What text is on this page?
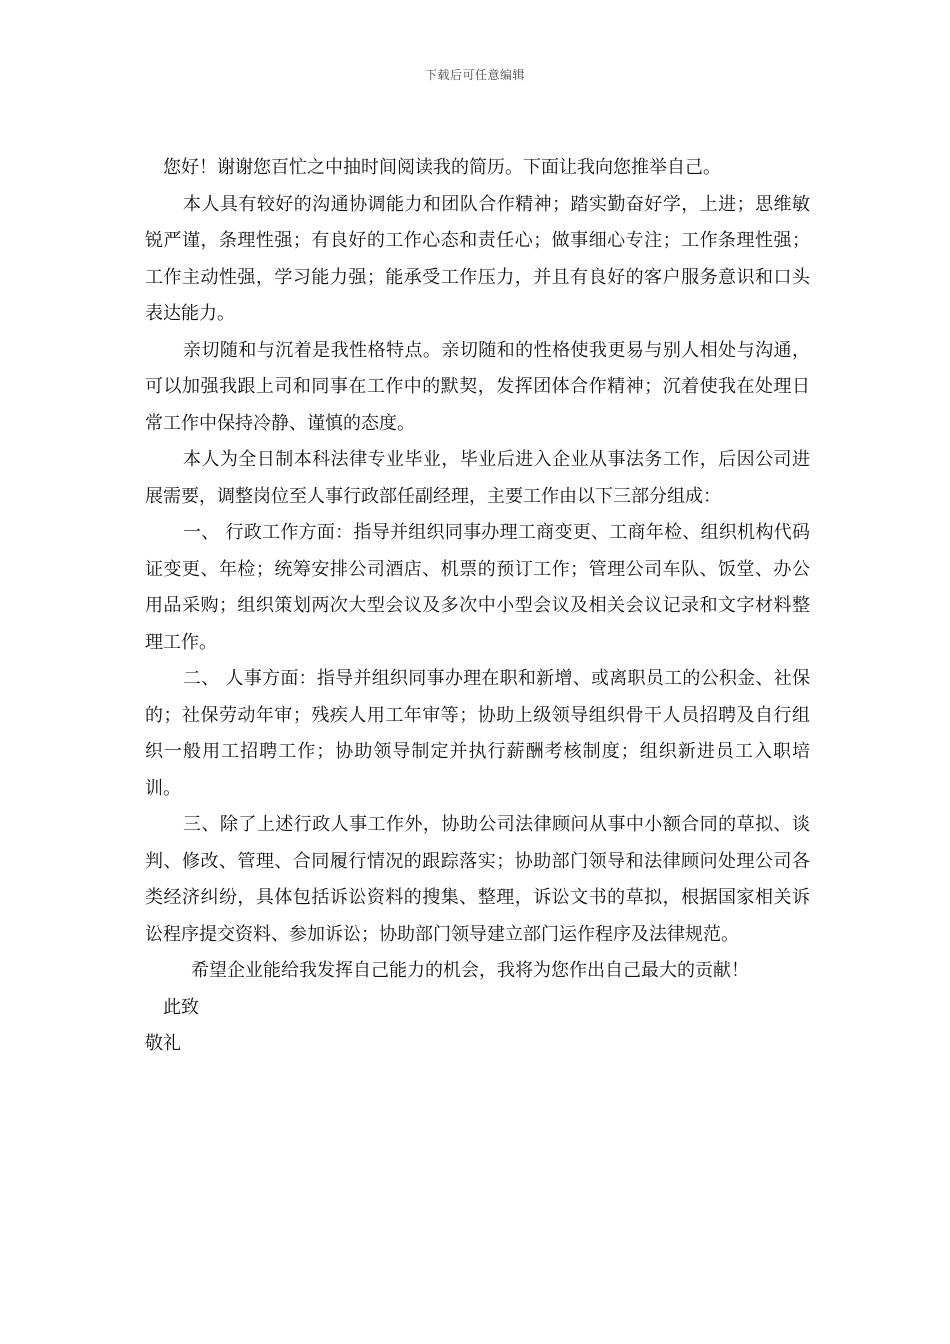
下载后可任意编辑

您好！谢谢您百忙之中抽时间阅读我的简历。下面让我向您推举自己。

本人具有较好的沟通协调能力和团队合作精神；踏实勤奋好学，上进；思维敏锐严谨，条理性强；有良好的工作心态和责任心；做事细心专注；工作条理性强；工作主动性强，学习能力强；能承受工作压力，并且有良好的客户服务意识和口头表达能力。

亲切随和与沉着是我性格特点。亲切随和的性格使我更易与别人相处与沟通，可以加强我跟上司和同事在工作中的默契，发挥团体合作精神；沉着使我在处理日常工作中保持冷静、谨慎的态度。

本人为全日制本科法律专业毕业，毕业后进入企业从事法务工作，后因公司进展需要，调整岗位至人事行政部任副经理，主要工作由以下三部分组成：

一、 行政工作方面：指导并组织同事办理工商变更、工商年检、组织机构代码证变更、年检；统筹安排公司酒店、机票的预订工作；管理公司车队、饭堂、办公用品采购；组织策划两次大型会议及多次中小型会议及相关会议记录和文字材料整理工作。

二、 人事方面：指导并组织同事办理在职和新增、或离职员工的公积金、社保的；社保劳动年审；残疾人用工年审等；协助上级领导组织骨干人员招聘及自行组织一般用工招聘工作；协助领导制定并执行薪酬考核制度；组织新进员工入职培训。

三、除了上述行政人事工作外，协助公司法律顾问从事中小额合同的草拟、谈判、修改、管理、合同履行情况的跟踪落实；协助部门领导和法律顾问处理公司各类经济纠纷，具体包括诉讼资料的搜集、整理，诉讼文书的草拟，根据国家相关诉讼程序提交资料、参加诉讼；协助部门领导建立部门运作程序及法律规范。

希望企业能给我发挥自己能力的机会，我将为您作出自己最大的贡献！

此致

敬礼
